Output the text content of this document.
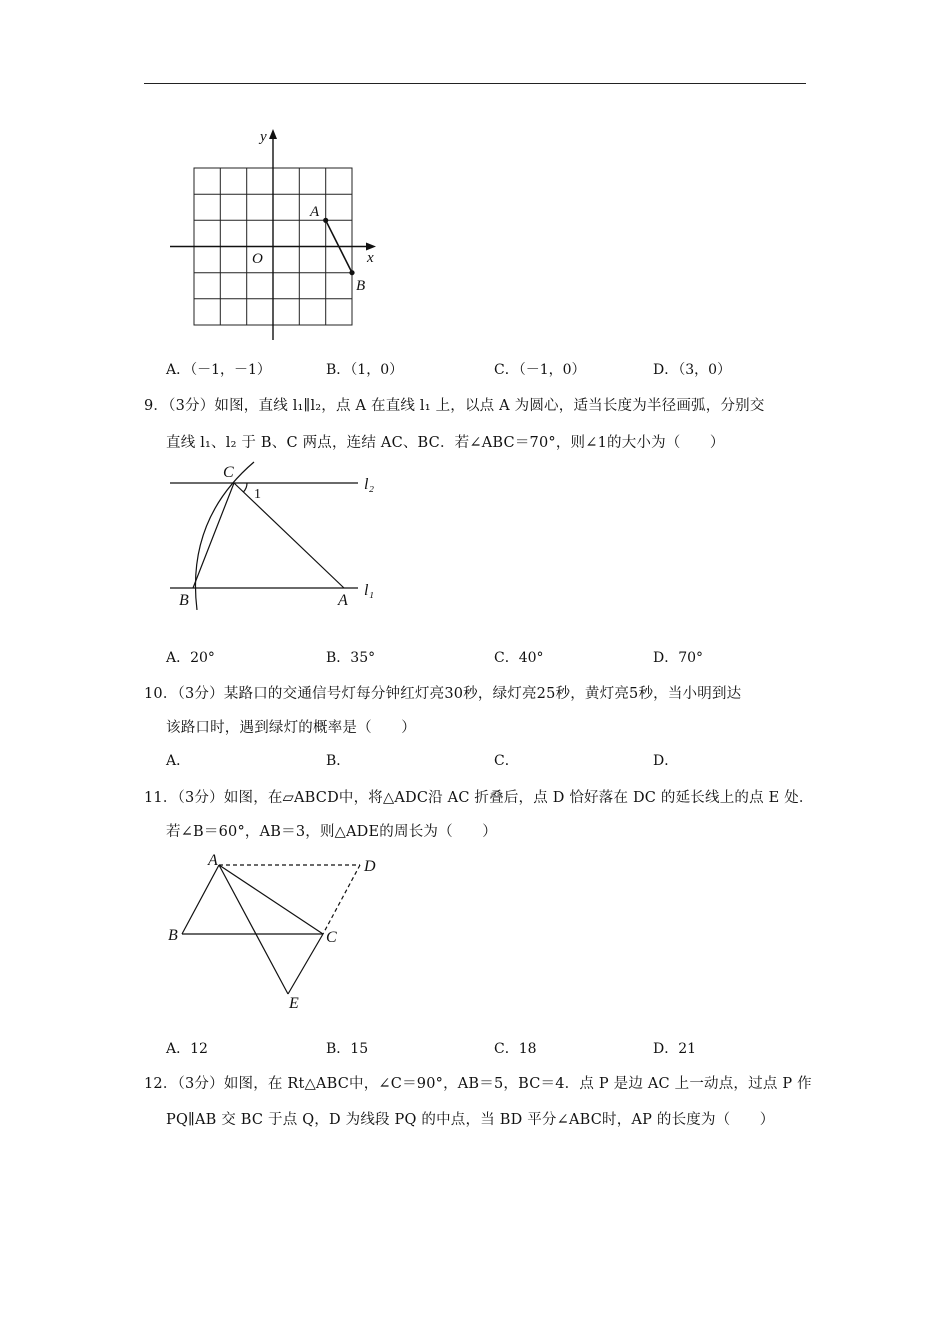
y
x
O
A
B
A．（－1，－1）	B．（1，0）	C．（－1，0）	D．（3，0）
9．（3分）如图，直线 l₁∥l₂，点 A 在直线 l₁ 上，以点 A 为圆心，适当长度为半径画弧，分别交
直线 l₁、l₂ 于 B、C 两点，连结 AC、BC．若∠ABC＝70°，则∠1的大小为（　　）
C
1
l₂
B	A
l₁
A．20°	B．35°	C．40°	D．70°
10．（3分）某路口的交通信号灯每分钟红灯亮30秒，绿灯亮25秒，黄灯亮5秒，当小明到达
该路口时，遇到绿灯的概率是（　　）
A．	B．	C．	D．
11．（3分）如图，在▱ABCD中，将△ADC沿 AC 折叠后，点 D 恰好落在 DC 的延长线上的点 E 处．
若∠B＝60°，AB＝3，则△ADE的周长为（　　）
A	D
B	C
E
A．12	B．15	C．18	D．21
12．（3分）如图，在 Rt△ABC中，∠C＝90°，AB＝5，BC＝4．点 P 是边 AC 上一动点，过点 P 作
PQ∥AB 交 BC 于点 Q，D 为线段 PQ 的中点，当 BD 平分∠ABC时，AP 的长度为（　　）
